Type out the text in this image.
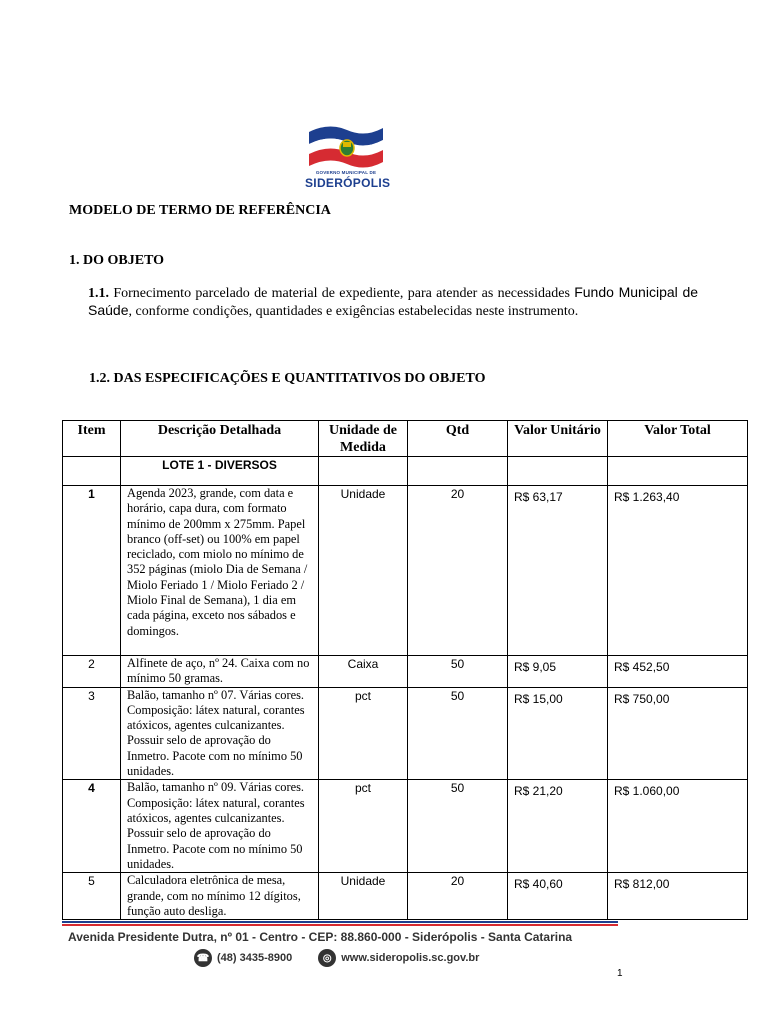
GOVERNO MUNICIPAL DE
SIDERÓPOLIS
MODELO DE TERMO DE REFERÊNCIA
1. DO OBJETO
1.1. Fornecimento parcelado de material de expediente, para atender as necessidades Fundo Municipal de Saúde, conforme condições, quantidades e exigências estabelecidas neste instrumento.
1.2. DAS ESPECIFICAÇÕES E QUANTITATIVOS DO OBJETO
Item	Descrição Detalhada	Unidade de Medida	Qtd	Valor Unitário	Valor Total
	LOTE 1 - DIVERSOS				
1	Agenda 2023, grande, com data e horário, capa dura, com formato mínimo de 200mm x 275mm. Papel branco (off-set) ou 100% em papel reciclado, com miolo no mínimo de 352 páginas (miolo Dia de Semana / Miolo Feriado 1 / Miolo Feriado 2 / Miolo Final de Semana), 1 dia em cada página, exceto nos sábados e domingos.	Unidade	20	R$ 63,17	R$ 1.263,40
2	Alfinete de aço, nº 24. Caixa com no mínimo 50 gramas.	Caixa	50	R$ 9,05	R$ 452,50
3	Balão, tamanho nº 07. Várias cores. Composição: látex natural, corantes atóxicos, agentes culcanizantes. Possuir selo de aprovação do Inmetro. Pacote com no mínimo 50 unidades.	pct	50	R$ 15,00	R$ 750,00
4	Balão, tamanho nº 09. Várias cores. Composição: látex natural, corantes atóxicos, agentes culcanizantes. Possuir selo de aprovação do Inmetro. Pacote com no mínimo 50 unidades.	pct	50	R$ 21,20	R$ 1.060,00
5	Calculadora eletrônica de mesa, grande, com no mínimo 12 dígitos, função auto desliga.	Unidade	20	R$ 40,60	R$ 812,00
Avenida Presidente Dutra, nº 01 - Centro - CEP: 88.860-000 - Siderópolis - Santa Catarina
☎ (48) 3435-8900	◎ www.sideropolis.sc.gov.br
1
